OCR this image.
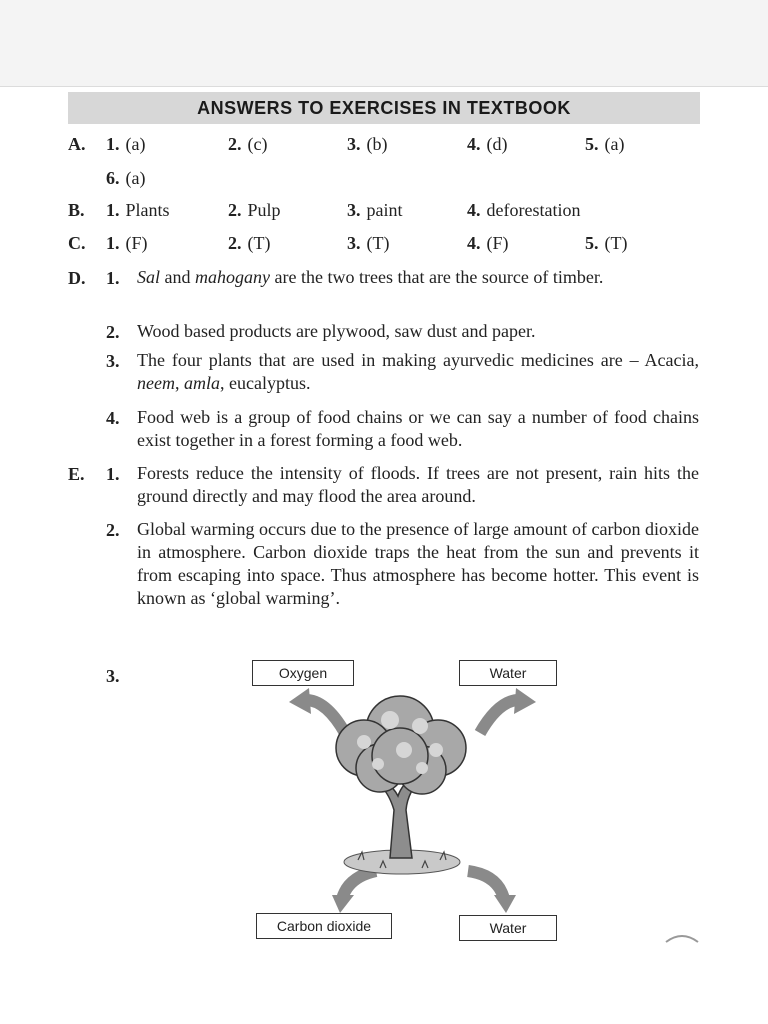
ANSWERS TO EXERCISES IN TEXTBOOK
A. 1. (a)	2. (c)	3. (b)	4. (d)	5. (a)
6. (a)
B. 1. Plants	2. Pulp	3. paint	4. deforestation
C. 1. (F)	2. (T)	3. (T)	4. (F)	5. (T)
D. 1. Sal and mahogany are the two trees that are the source of timber.
2. Wood based products are plywood, saw dust and paper.
3. The four plants that are used in making ayurvedic medicines are – Acacia, neem, amla, eucalyptus.
4. Food web is a group of food chains or we can say a number of food chains exist together in a forest forming a food web.
E. 1. Forests reduce the intensity of floods. If trees are not present, rain hits the ground directly and may flood the area around.
2. Global warming occurs due to the presence of large amount of carbon dioxide in atmosphere. Carbon dioxide traps the heat from the sun and prevents it from escaping into space. Thus atmosphere has become hotter. This event is known as ‘global warming’.
3.	Oxygen	Water
Carbon dioxide	Water
